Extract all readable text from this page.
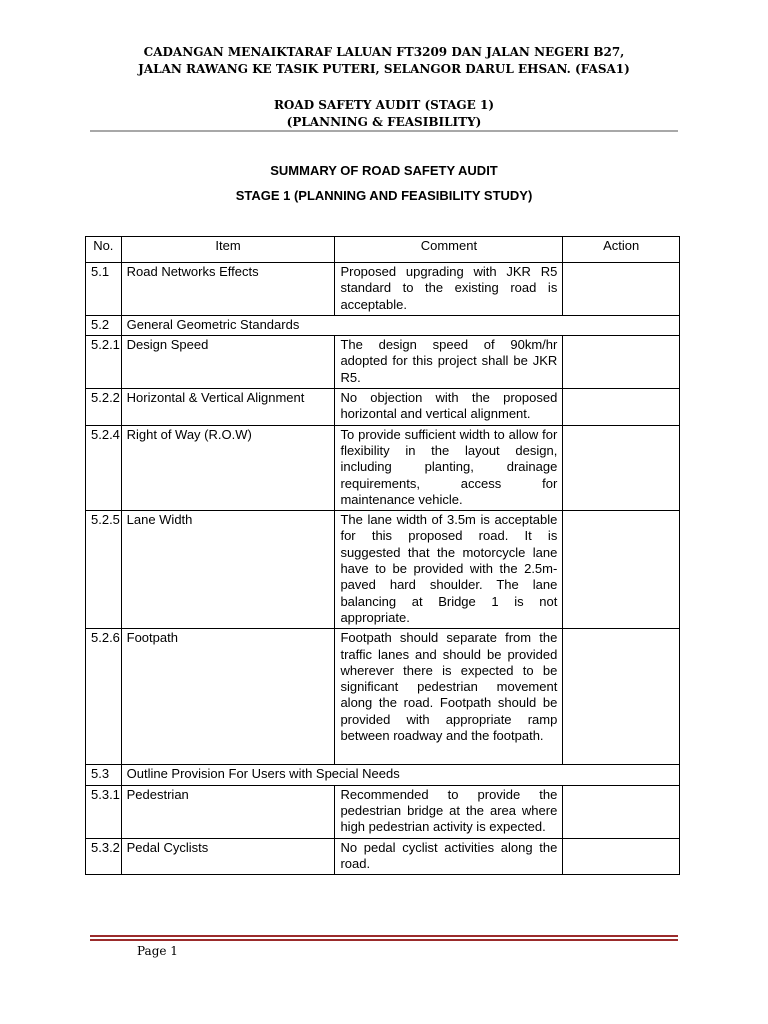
CADANGAN MENAIKTARAF LALUAN FT3209 DAN JALAN NEGERI B27,
JALAN RAWANG KE TASIK PUTERI, SELANGOR DARUL EHSAN. (FASA1)
ROAD SAFETY AUDIT (STAGE 1)
(PLANNING & FEASIBILITY)
SUMMARY OF ROAD SAFETY AUDIT
STAGE 1 (PLANNING AND FEASIBILITY STUDY)
No.	Item	Comment	Action
5.1	Road Networks Effects	Proposed upgrading with JKR R5 standard to the existing road is acceptable.	
5.2	General Geometric Standards		
5.2.1	Design Speed	The design speed of 90km/hr adopted for this project shall be JKR R5.	
5.2.2	Horizontal & Vertical Alignment	No objection with the proposed horizontal and vertical alignment.	
5.2.4	Right of Way (R.O.W)	To provide sufficient width to allow for flexibility in the layout design, including planting, drainage requirements, access for maintenance vehicle.	
5.2.5	Lane Width	The lane width of 3.5m is acceptable for this proposed road. It is suggested that the motorcycle lane have to be provided with the 2.5m-paved hard shoulder. The lane balancing at Bridge 1 is not appropriate.	
5.2.6	Footpath	Footpath should separate from the traffic lanes and should be provided wherever there is expected to be significant pedestrian movement along the road. Footpath should be provided with appropriate ramp between roadway and the footpath.	
5.3	Outline Provision For Users with Special Needs		
5.3.1	Pedestrian	Recommended to provide the pedestrian bridge at the area where high pedestrian activity is expected.	
5.3.2	Pedal Cyclists	No pedal cyclist activities along the road.	
Page 1
